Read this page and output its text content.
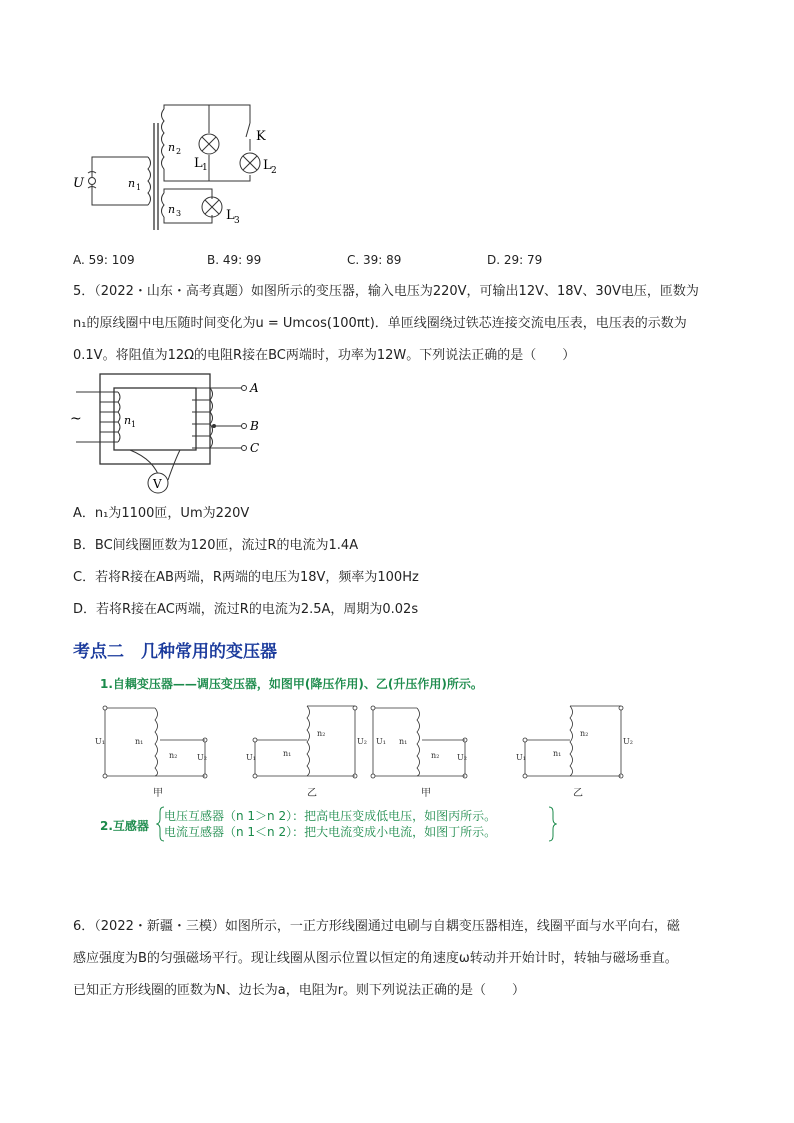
U	n 1
n 2
n 3
L 1	L 2
L 3
K
A. 59: 109	B. 49: 99	C. 39: 89	D. 29: 79
5．（2022・山东・高考真题）如图所示的变压器，输入电压为220V，可输出12V、18V、30V电压，匝数为
n₁的原线圈中电压随时间变化为u = Umcos(100πt)．单匝线圈绕过铁芯连接交流电压表，电压表的示数为
0.1V。将阻值为12Ω的电阻R接在BC两端时，功率为12W。下列说法正确的是（　　）
V
~	n 1
A
B
C
A．n₁为1100匝，Um为220V
B．BC间线圈匝数为120匝，流过R的电流为1.4A
C．若将R接在AB两端，R两端的电压为18V，频率为100Hz
D．若将R接在AC两端，流过R的电流为2.5A，周期为0.02s
考点二　几种常用的变压器
1.自耦变压器——调压变压器，如图甲(降压作用)、乙(升压作用)所示。
U₁	n₁
n₂ U₂	U₁	n₁
n₂
U₂ U₁ n₁
n₂ U₂	U₁	n₁
n₂
U₂
甲	乙	甲	乙
2.互感器
电压互感器（n 1＞n 2）：把高电压变成低电压，如图丙所示。
电流互感器（n 1＜n 2）：把大电流变成小电流，如图丁所示。
6．（2022・新疆・三模）如图所示，一正方形线圈通过电刷与自耦变压器相连，线圈平面与水平向右，磁
感应强度为B的匀强磁场平行。现让线圈从图示位置以恒定的角速度ω转动并开始计时，转轴与磁场垂直。
已知正方形线圈的匝数为N、边长为a，电阻为r。则下列说法正确的是（　　）
